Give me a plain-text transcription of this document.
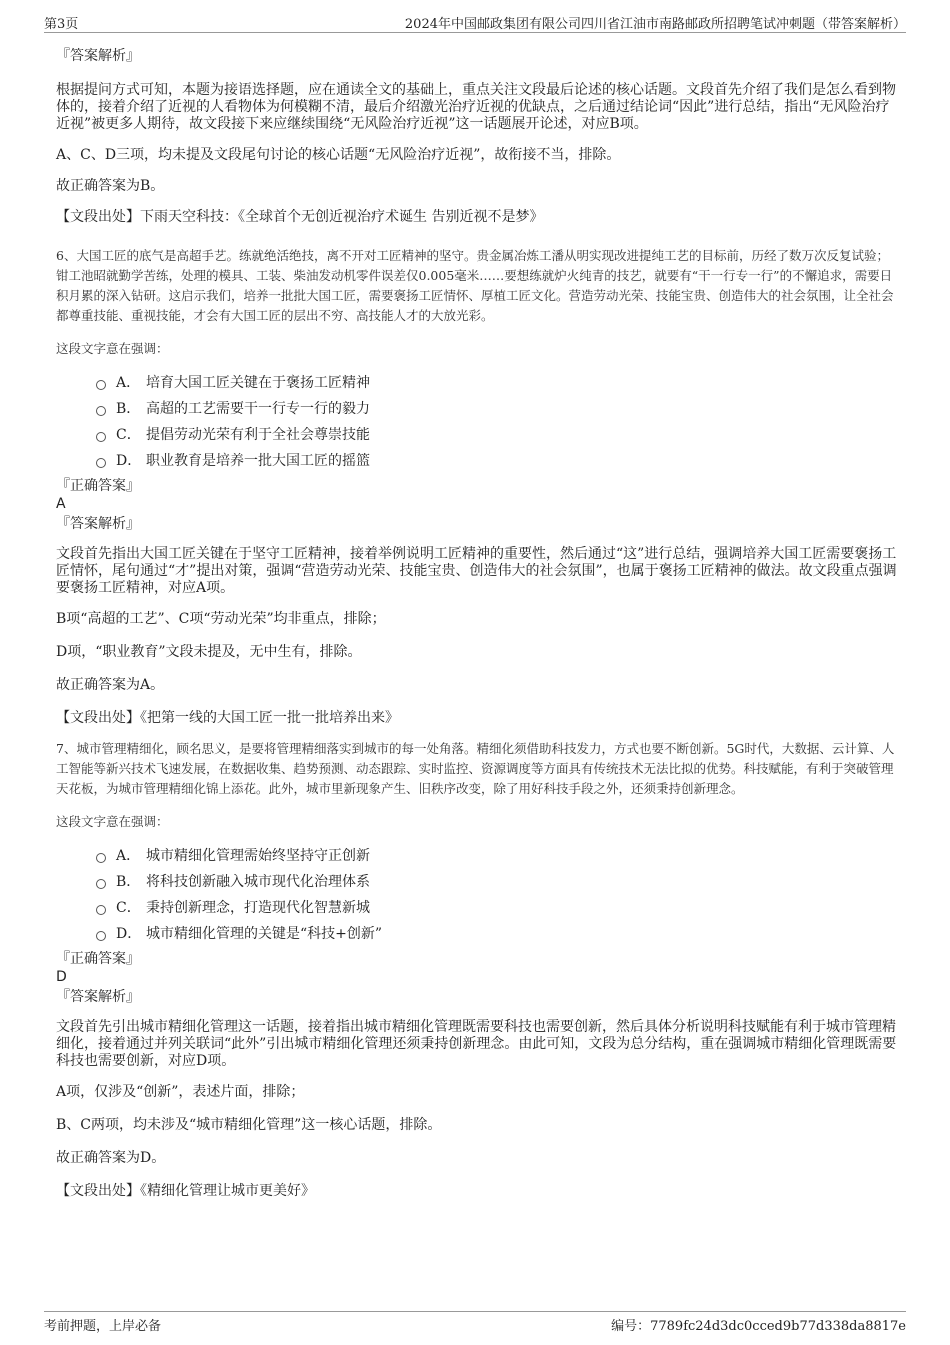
第3页	2024年中国邮政集团有限公司四川省江油市南路邮政所招聘笔试冲刺题（带答案解析）

『答案解析』

根据提问方式可知，本题为接语选择题，应在通读全文的基础上，重点关注文段最后论述的核心话题。文段首先介绍了我们是怎么看到物体的，接着介绍了近视的人看物体为何模糊不清，最后介绍激光治疗近视的优缺点，之后通过结论词“因此”进行总结，指出“无风险治疗近视”被更多人期待，故文段接下来应继续围绕“无风险治疗近视”这一话题展开论述，对应B项。

A、C、D三项，均未提及文段尾句讨论的核心话题“无风险治疗近视”，故衔接不当，排除。

故正确答案为B。

【文段出处】下雨天空科技：《全球首个无创近视治疗术诞生 告别近视不是梦》

6、大国工匠的底气是高超手艺。练就绝活绝技，离不开对工匠精神的坚守。贵金属冶炼工潘从明实现改进提纯工艺的目标前，历经了数万次反复试验；钳工池昭就勤学苦练，处理的模具、工装、柴油发动机零件误差仅0.005毫米……要想练就炉火纯青的技艺，就要有“干一行专一行”的不懈追求，需要日积月累的深入钻研。这启示我们，培养一批批大国工匠，需要褒扬工匠情怀、厚植工匠文化。营造劳动光荣、技能宝贵、创造伟大的社会氛围，让全社会都尊重技能、重视技能，才会有大国工匠的层出不穷、高技能人才的大放光彩。

这段文字意在强调：

A． 培育大国工匠关键在于褒扬工匠精神

B． 高超的工艺需要干一行专一行的毅力

C． 提倡劳动光荣有利于全社会尊崇技能

D． 职业教育是培养一批大国工匠的摇篮

『正确答案』

A

『答案解析』

文段首先指出大国工匠关键在于坚守工匠精神，接着举例说明工匠精神的重要性，然后通过“这”进行总结，强调培养大国工匠需要褒扬工匠情怀，尾句通过“才”提出对策，强调“营造劳动光荣、技能宝贵、创造伟大的社会氛围”，也属于褒扬工匠精神的做法。故文段重点强调要褒扬工匠精神，对应A项。

B项“高超的工艺”、C项“劳动光荣”均非重点，排除；

D项，“职业教育”文段未提及，无中生有，排除。

故正确答案为A。

【文段出处】《把第一线的大国工匠一批一批培养出来》

7、城市管理精细化，顾名思义，是要将管理精细落实到城市的每一处角落。精细化须借助科技发力，方式也要不断创新。5G时代，大数据、云计算、人工智能等新兴技术飞速发展，在数据收集、趋势预测、动态跟踪、实时监控、资源调度等方面具有传统技术无法比拟的优势。科技赋能，有利于突破管理天花板，为城市管理精细化锦上添花。此外，城市里新现象产生、旧秩序改变，除了用好科技手段之外，还须秉持创新理念。

这段文字意在强调：

A． 城市精细化管理需始终坚持守正创新

B． 将科技创新融入城市现代化治理体系

C． 秉持创新理念，打造现代化智慧新城

D． 城市精细化管理的关键是“科技+创新”

『正确答案』

D

『答案解析』

文段首先引出城市精细化管理这一话题，接着指出城市精细化管理既需要科技也需要创新，然后具体分析说明科技赋能有利于城市管理精细化，接着通过并列关联词“此外”引出城市精细化管理还须秉持创新理念。由此可知，文段为总分结构，重在强调城市精细化管理既需要科技也需要创新，对应D项。

A项，仅涉及“创新”，表述片面，排除；

B、C两项，均未涉及“城市精细化管理”这一核心话题，排除。

故正确答案为D。

【文段出处】《精细化管理让城市更美好》

考前押题，上岸必备	编号：7789fc24d3dc0cced9b77d338da8817e
